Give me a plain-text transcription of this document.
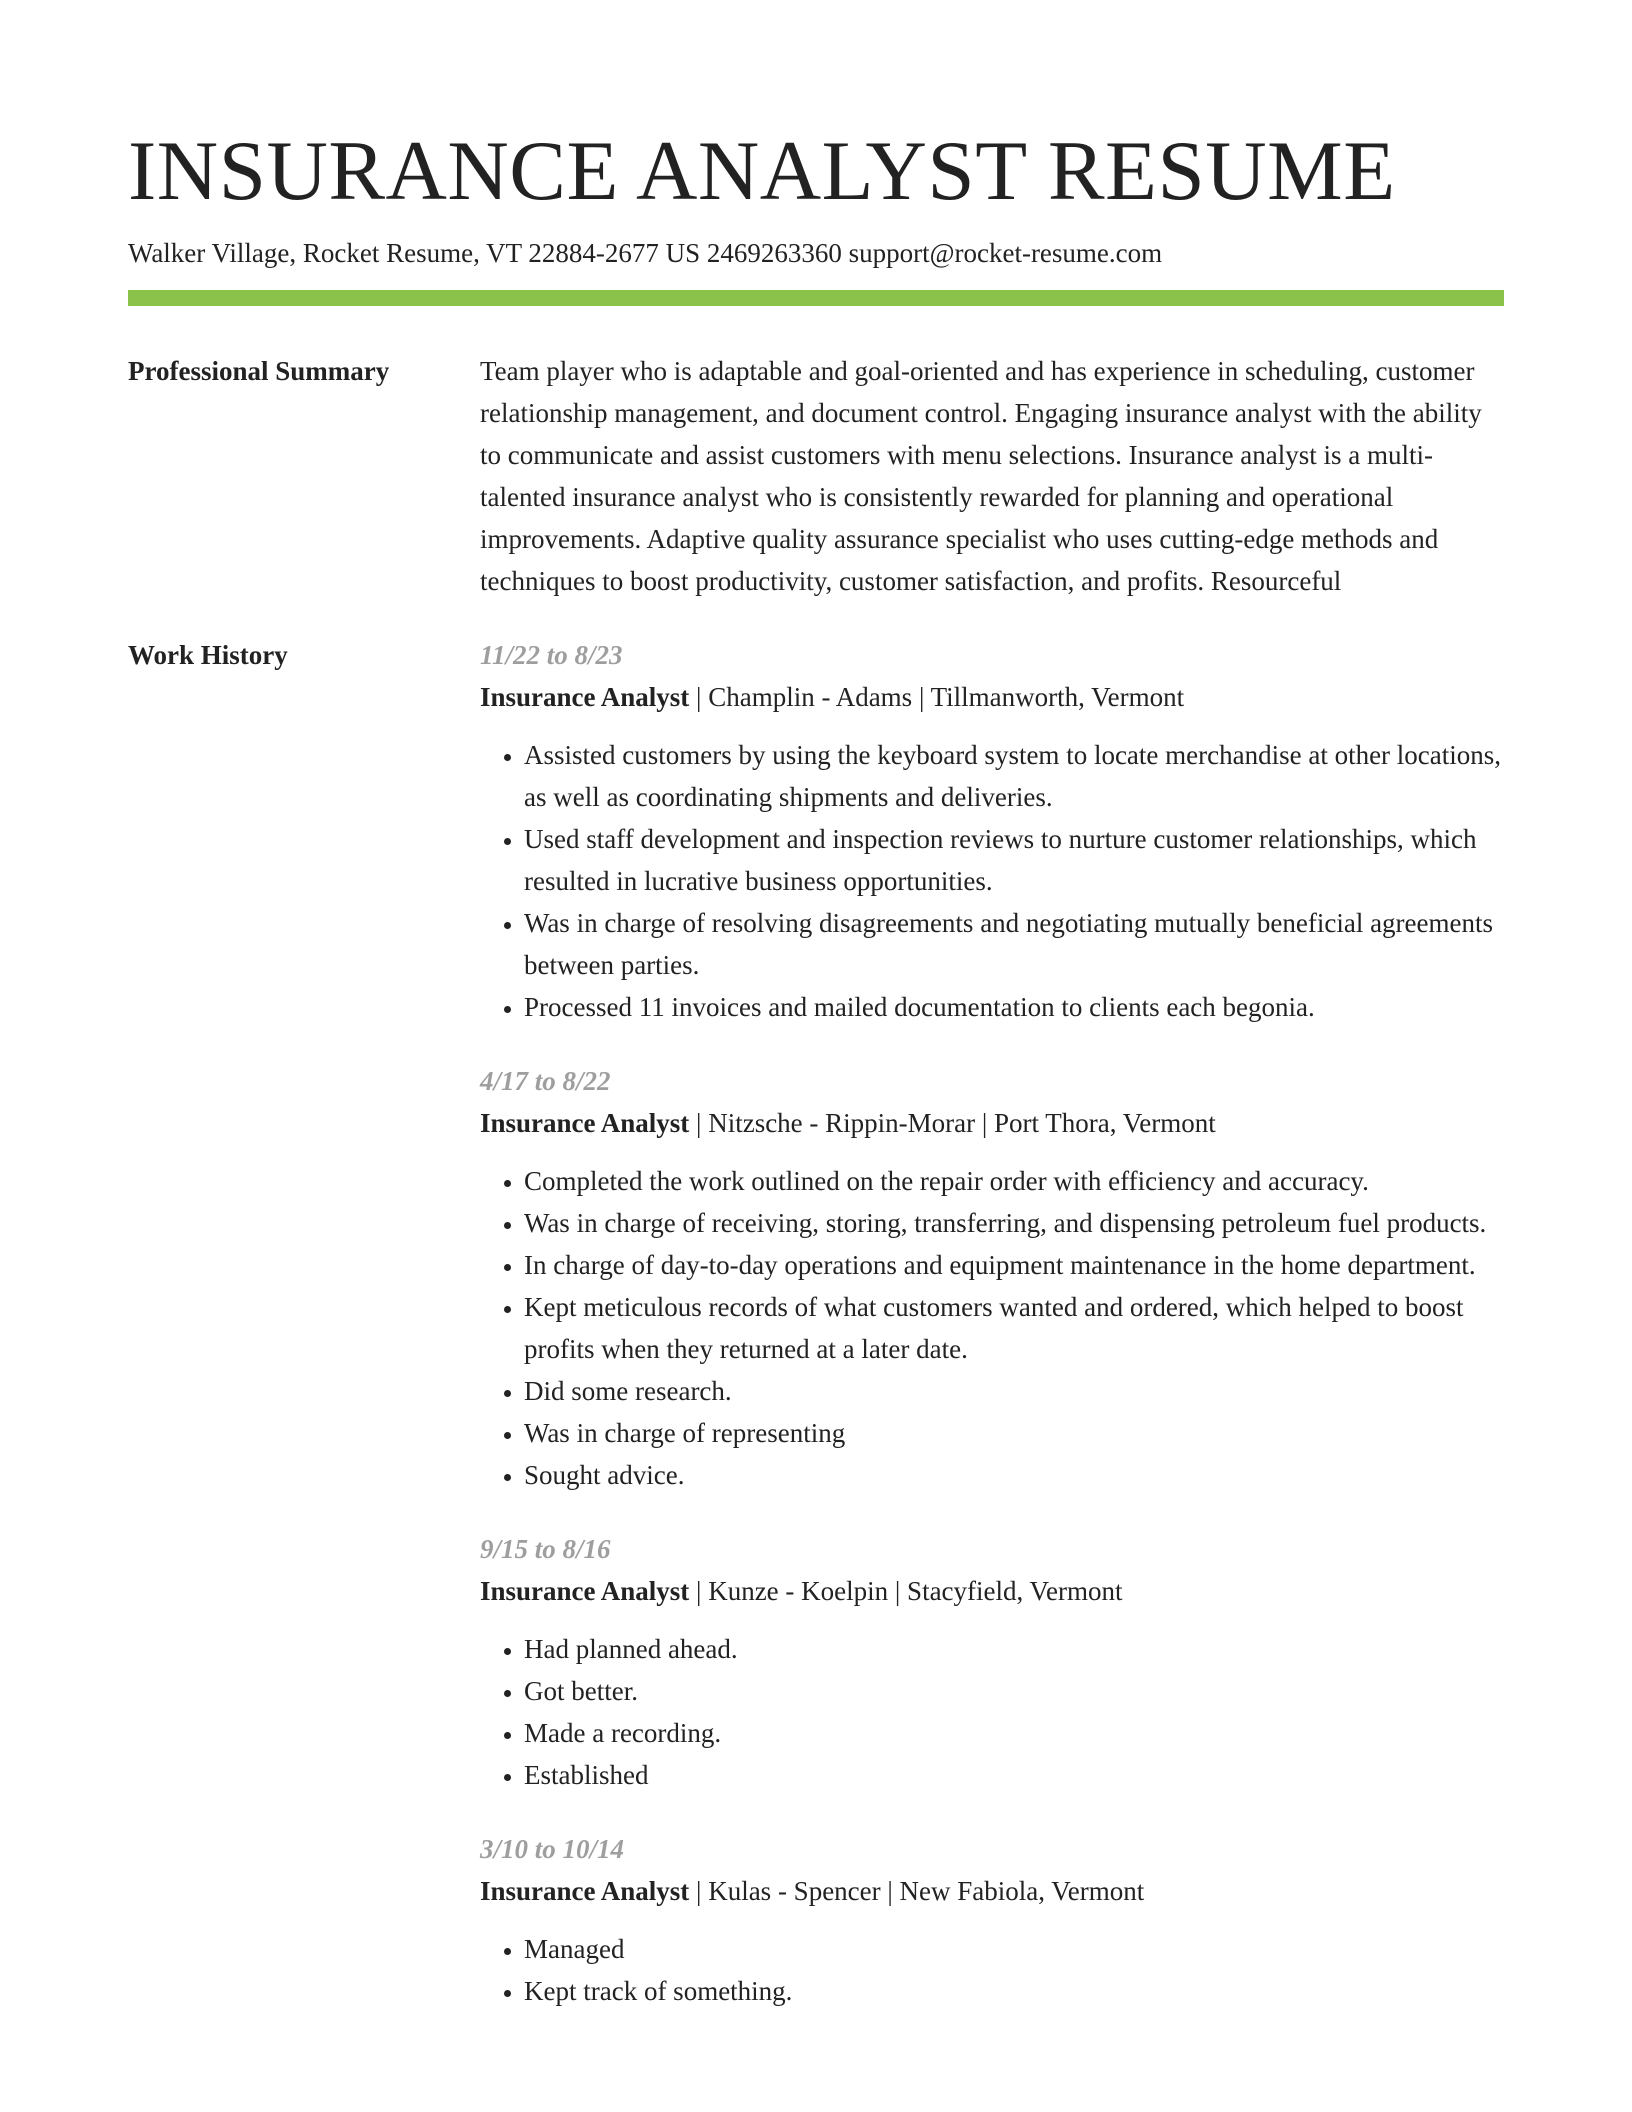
INSURANCE ANALYST RESUME
Walker Village, Rocket Resume, VT 22884-2677 US 2469263360 support@rocket-resume.com
Professional Summary	Team player who is adaptable and goal-oriented and has experience in scheduling, customer relationship management, and document control. Engaging insurance analyst with the ability to communicate and assist customers with menu selections. Insurance analyst is a multi-talented insurance analyst who is consistently rewarded for planning and operational improvements. Adaptive quality assurance specialist who uses cutting-edge methods and techniques to boost productivity, customer satisfaction, and profits. Resourceful

Work History	11/22 to 8/23
Insurance Analyst | Champlin - Adams | Tillmanworth, Vermont
• Assisted customers by using the keyboard system to locate merchandise at other locations, as well as coordinating shipments and deliveries.
• Used staff development and inspection reviews to nurture customer relationships, which resulted in lucrative business opportunities.
• Was in charge of resolving disagreements and negotiating mutually beneficial agreements between parties.
• Processed 11 invoices and mailed documentation to clients each begonia.
4/17 to 8/22
Insurance Analyst | Nitzsche - Rippin-Morar | Port Thora, Vermont
• Completed the work outlined on the repair order with efficiency and accuracy.
• Was in charge of receiving, storing, transferring, and dispensing petroleum fuel products.
• In charge of day-to-day operations and equipment maintenance in the home department.
• Kept meticulous records of what customers wanted and ordered, which helped to boost profits when they returned at a later date.
• Did some research.
• Was in charge of representing
• Sought advice.
9/15 to 8/16
Insurance Analyst | Kunze - Koelpin | Stacyfield, Vermont
• Had planned ahead.
• Got better.
• Made a recording.
• Established
3/10 to 10/14
Insurance Analyst | Kulas - Spencer | New Fabiola, Vermont
• Managed
• Kept track of something.
